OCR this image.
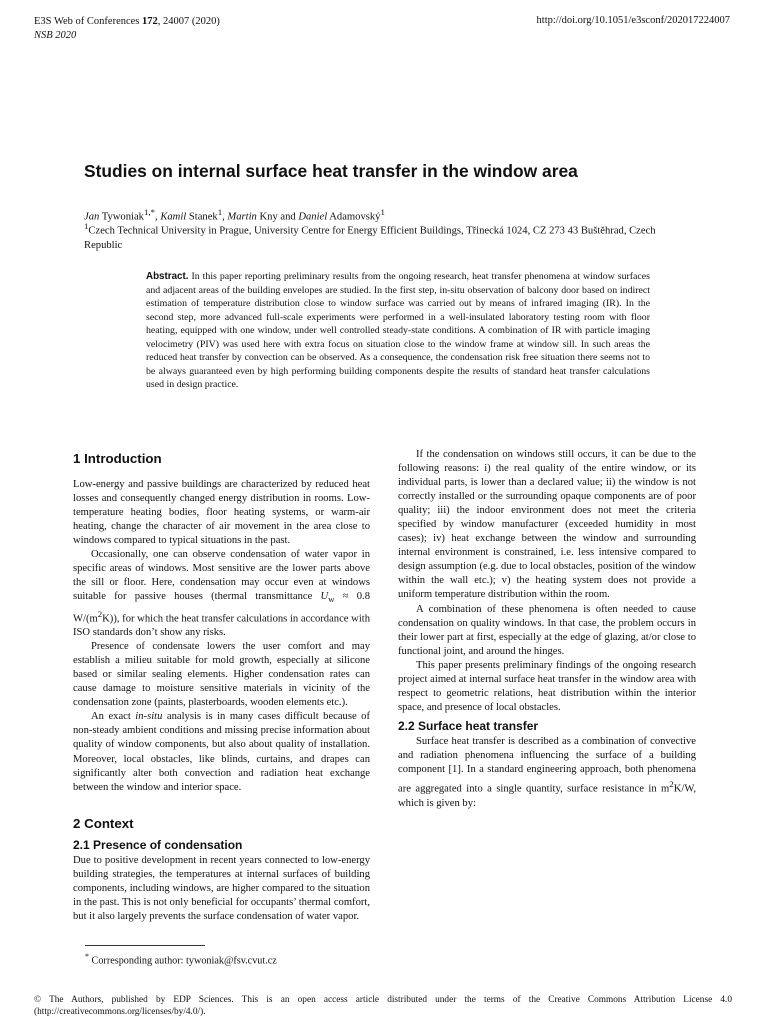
E3S Web of Conferences 172, 24007 (2020)
NSB 2020
http://doi.org/10.1051/e3sconf/202017224007
Studies on internal surface heat transfer in the window area
Jan Tywoniak$^{1,*}$, Kamil Stanek$^1$, Martin Kny and Daniel Adamovský$^1$
$^1$Czech Technical University in Prague, University Centre for Energy Efficient Buildings, Třinecká 1024, CZ 273 43 Buštěhrad, Czech Republic

Abstract. In this paper reporting preliminary results from the ongoing research, heat transfer phenomena at window surfaces and adjacent areas of the building envelopes are studied. In the first step, in-situ observation of balcony door based on indirect estimation of temperature distribution close to window surface was carried out by means of infrared imaging (IR). In the second step, more advanced full-scale experiments were performed in a well-insulated laboratory testing room with floor heating, equipped with one window, under well controlled steady-state conditions. A combination of IR with particle imaging velocimetry (PIV) was used here with extra focus on situation close to the window frame at window sill. In such areas the reduced heat transfer by convection can be observed. As a consequence, the condensation risk free situation there seems not to be always guaranteed even by high performing building components despite the results of standard heat transfer calculations used in design practice.

1 Introduction

Low-energy and passive buildings are characterized by reduced heat losses and consequently changed energy distribution in rooms. Low-temperature heating bodies, floor heating systems, or warm-air heating, change the character of air movement in the area close to windows compared to typical situations in the past.

Occasionally, one can observe condensation of water vapor in specific areas of windows. Most sensitive are the lower parts above the sill or floor. Here, condensation may occur even at windows suitable for passive houses (thermal transmittance $U_w \approx 0.8$ $W/(m^2K)$), for which the heat transfer calculations in accordance with ISO standards don’t show any risks.

Presence of condensate lowers the user comfort and may establish a milieu suitable for mold growth, especially at silicone based or similar sealing elements. Higher condensation rates can cause damage to moisture sensitive materials in vicinity of the condensation zone (paints, plasterboards, wooden elements etc.).

An exact in-situ analysis is in many cases difficult because of non-steady ambient conditions and missing precise information about quality of window components, but also about quality of installation. Moreover, local obstacles, like blinds, curtains, and drapes can significantly alter both convection and radiation heat exchange between the window and interior space.

2 Context
2.1 Presence of condensation

Due to positive development in recent years connected to low-energy building strategies, the temperatures at internal surfaces of building components, including windows, are higher compared to the situation in the past. This is not only beneficial for occupants’ thermal comfort, but it also largely prevents the surface condensation of water vapor.

If the condensation on windows still occurs, it can be due to the following reasons: i) the real quality of the entire window, or its individual parts, is lower than a declared value; ii) the window is not correctly installed or the surrounding opaque components are of poor quality; iii) the indoor environment does not meet the criteria specified by window manufacturer (exceeded humidity in most cases); iv) heat exchange between the window and surrounding internal environment is constrained, i.e. less intensive compared to design assumption (e.g. due to local obstacles, position of the window within the wall etc.); v) the heating system does not provide a uniform temperature distribution within the room.

A combination of these phenomena is often needed to cause condensation on quality windows. In that case, the problem occurs in their lower part at first, especially at the edge of glazing, at/or close to functional joint, and around the hinges.

This paper presents preliminary findings of the ongoing research project aimed at internal surface heat transfer in the window area with respect to geometric relations, heat distribution within the interior space, and presence of local obstacles.

2.2 Surface heat transfer

Surface heat transfer is described as a combination of convective and radiation phenomena influencing the surface of a building component [1]. In a standard engineering approach, both phenomena are aggregated into a single quantity, surface resistance in $m^2K/W$, which is given by:

* Corresponding author: tywoniak@fsv.cvut.cz

© The Authors, published by EDP Sciences. This is an open access article distributed under the terms of the Creative Commons Attribution License 4.0 (http://creativecommons.org/licenses/by/4.0/).
